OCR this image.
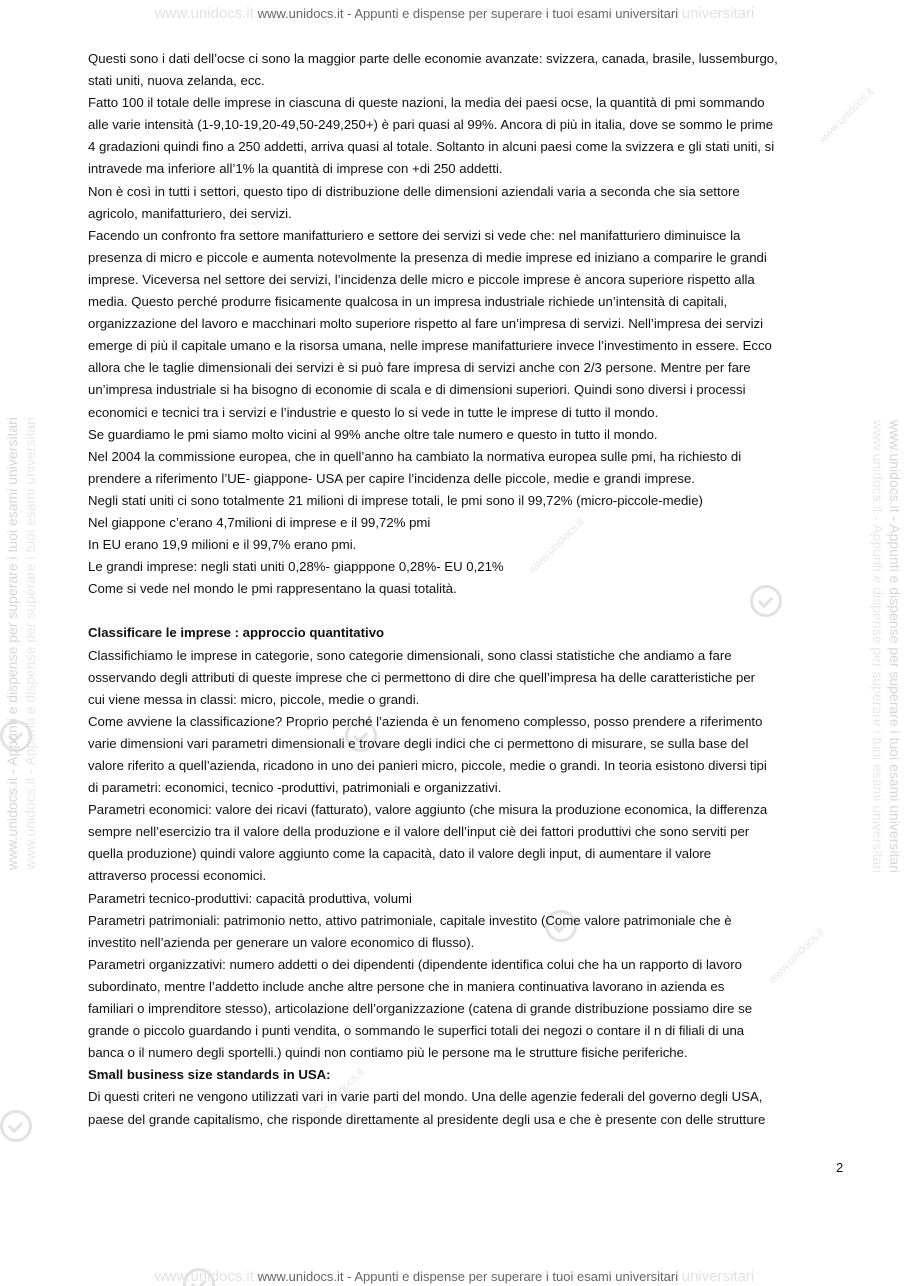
www.unidocs.it www.unidocs.it - Appunti e dispense per superare i tuoi esami universitari universitari
www.unidocs.it - Appunti e dispense per superare i tuoi esami universitari www.unidocs.it - Appunti e dispense per superare i tuoi esami universitari	www.unidocs.it - Appunti e dispense per superare i tuoi esami universitari
www.unidocs.it - Appunti e dispense per superare i tuoi esami universitari
www.unidocs.it
www.unidocs.it
www.unidocs.it
www.unidocs.it
Questi sono i dati dell’ocse ci sono la maggior parte delle economie avanzate: svizzera, canada, brasile, lussemburgo,
stati uniti, nuova zelanda, ecc.
Fatto 100 il totale delle imprese in ciascuna di queste nazioni, la media dei paesi ocse, la quantità di pmi sommando
alle varie intensità (1-9,10-19,20-49,50-249,250+) è pari quasi al 99%. Ancora di più in italia, dove se sommo le prime
4 gradazioni quindi fino a 250 addetti, arriva quasi al totale. Soltanto in alcuni paesi come la svizzera e gli stati uniti, si
intravede ma inferiore all’1% la quantità di imprese con +di 250 addetti.
Non è così in tutti i settori, questo tipo di distribuzione delle dimensioni aziendali varia a seconda che sia settore
agricolo, manifatturiero, dei servizi.
Facendo un confronto fra settore manifatturiero e settore dei servizi si vede che: nel manifatturiero diminuisce la
presenza di micro e piccole e aumenta notevolmente la presenza di medie imprese ed iniziano a comparire le grandi
imprese. Viceversa nel settore dei servizi, l’incidenza delle micro e piccole imprese è ancora superiore rispetto alla
media. Questo perché produrre fisicamente qualcosa in un impresa industriale richiede un’intensità di capitali,
organizzazione del lavoro e macchinari molto superiore rispetto al fare un’impresa di servizi. Nell’impresa dei servizi
emerge di più il capitale umano e la risorsa umana, nelle imprese manifatturiere invece l’investimento in essere. Ecco
allora che le taglie dimensionali dei servizi è si può fare impresa di servizi anche con 2/3 persone. Mentre per fare
un’impresa industriale si ha bisogno di economie di scala e di dimensioni superiori. Quindi sono diversi i processi
economici e tecnici tra i servizi e l’industrie e questo lo si vede in tutte le imprese di tutto il mondo.
Se guardiamo le pmi siamo molto vicini al 99% anche oltre tale numero e questo in tutto il mondo.
Nel 2004 la commissione europea, che in quell’anno ha cambiato la normativa europea sulle pmi, ha richiesto di
prendere a riferimento l’UE- giappone- USA per capire l’incidenza delle piccole, medie e grandi imprese.
Negli stati uniti ci sono totalmente 21 milioni di imprese totali, le pmi sono il 99,72% (micro-piccole-medie)
Nel giappone c’erano 4,7milioni di imprese e il 99,72% pmi
In EU erano 19,9 milioni e il 99,7% erano pmi.
Le grandi imprese: negli stati uniti 0,28%- giapppone 0,28%- EU 0,21%
Come si vede nel mondo le pmi rappresentano la quasi totalità.
Classificare le imprese : approccio quantitativo
Classifichiamo le imprese in categorie, sono categorie dimensionali, sono classi statistiche che andiamo a fare
osservando degli attributi di queste imprese che ci permettono di dire che quell’impresa ha delle caratteristiche per
cui viene messa in classi: micro, piccole, medie o grandi.
Come avviene la classificazione? Proprio perché l’azienda è un fenomeno complesso, posso prendere a riferimento
varie dimensioni vari parametri dimensionali e trovare degli indici che ci permettono di misurare, se sulla base del
valore riferito a quell’azienda, ricadono in uno dei panieri micro, piccole, medie o grandi. In teoria esistono diversi tipi
di parametri: economici, tecnico -produttivi, patrimoniali e organizzativi.
Parametri economici: valore dei ricavi (fatturato), valore aggiunto (che misura la produzione economica, la differenza
sempre nell’esercizio tra il valore della produzione e il valore dell’input ciè dei fattori produttivi che sono serviti per
quella produzione) quindi valore aggiunto come la capacità, dato il valore degli input, di aumentare il valore
attraverso processi economici.
Parametri tecnico-produttivi: capacità produttiva, volumi
Parametri patrimoniali: patrimonio netto, attivo patrimoniale, capitale investito (Come valore patrimoniale che è
investito nell’azienda per generare un valore economico di flusso).
Parametri organizzativi: numero addetti o dei dipendenti (dipendente identifica colui che ha un rapporto di lavoro
subordinato, mentre l’addetto include anche altre persone che in maniera continuativa lavorano in azienda es
familiari o imprenditore stesso), articolazione dell’organizzazione (catena di grande distribuzione possiamo dire se
grande o piccolo guardando i punti vendita, o sommando le superfici totali dei negozi o contare il n di filiali di una
banca o il numero degli sportelli.) quindi non contiamo più le persone ma le strutture fisiche periferiche.
Small business size standards in USA:
Di questi criteri ne vengono utilizzati vari in varie parti del mondo. Una delle agenzie federali del governo degli USA,
paese del grande capitalismo, che risponde direttamente al presidente degli usa e che è presente con delle strutture
2
www.unidocs.it www.unidocs.it - Appunti e dispense per superare i tuoi esami universitari universitari
